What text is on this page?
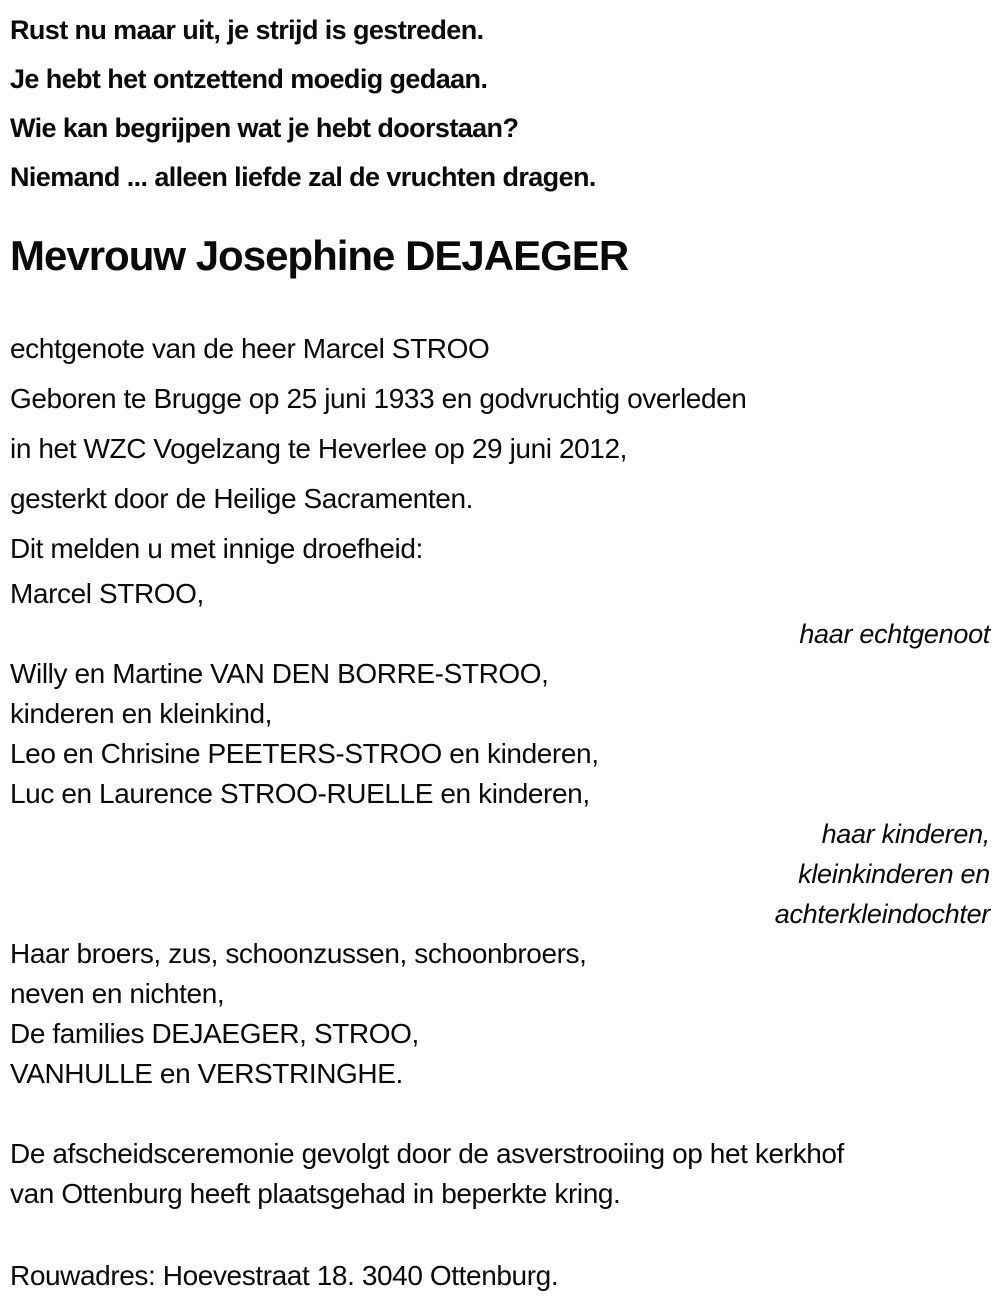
Rust nu maar uit, je strijd is gestreden.
Je hebt het ontzettend moedig gedaan.
Wie kan begrijpen wat je hebt doorstaan?
Niemand ... alleen liefde zal de vruchten dragen.
Mevrouw Josephine DEJAEGER
echtgenote van de heer Marcel STROO
Geboren te Brugge op 25 juni 1933 en godvruchtig overleden
in het WZC Vogelzang te Heverlee op 29 juni 2012,
gesterkt door de Heilige Sacramenten.
Dit melden u met innige droefheid:
Marcel STROO,
haar echtgenoot
Willy en Martine VAN DEN BORRE-STROO,
kinderen en kleinkind,
Leo en Chrisine PEETERS-STROO en kinderen,
Luc en Laurence STROO-RUELLE en kinderen,
haar kinderen,
kleinkinderen en
achterkleindochter
Haar broers, zus, schoonzussen, schoonbroers,
neven en nichten,
De families DEJAEGER, STROO,
VANHULLE en VERSTRINGHE.
De afscheidsceremonie gevolgt door de asverstrooiing op het kerkhof
van Ottenburg heeft plaatsgehad in beperkte kring.
Rouwadres: Hoevestraat 18. 3040 Ottenburg.
